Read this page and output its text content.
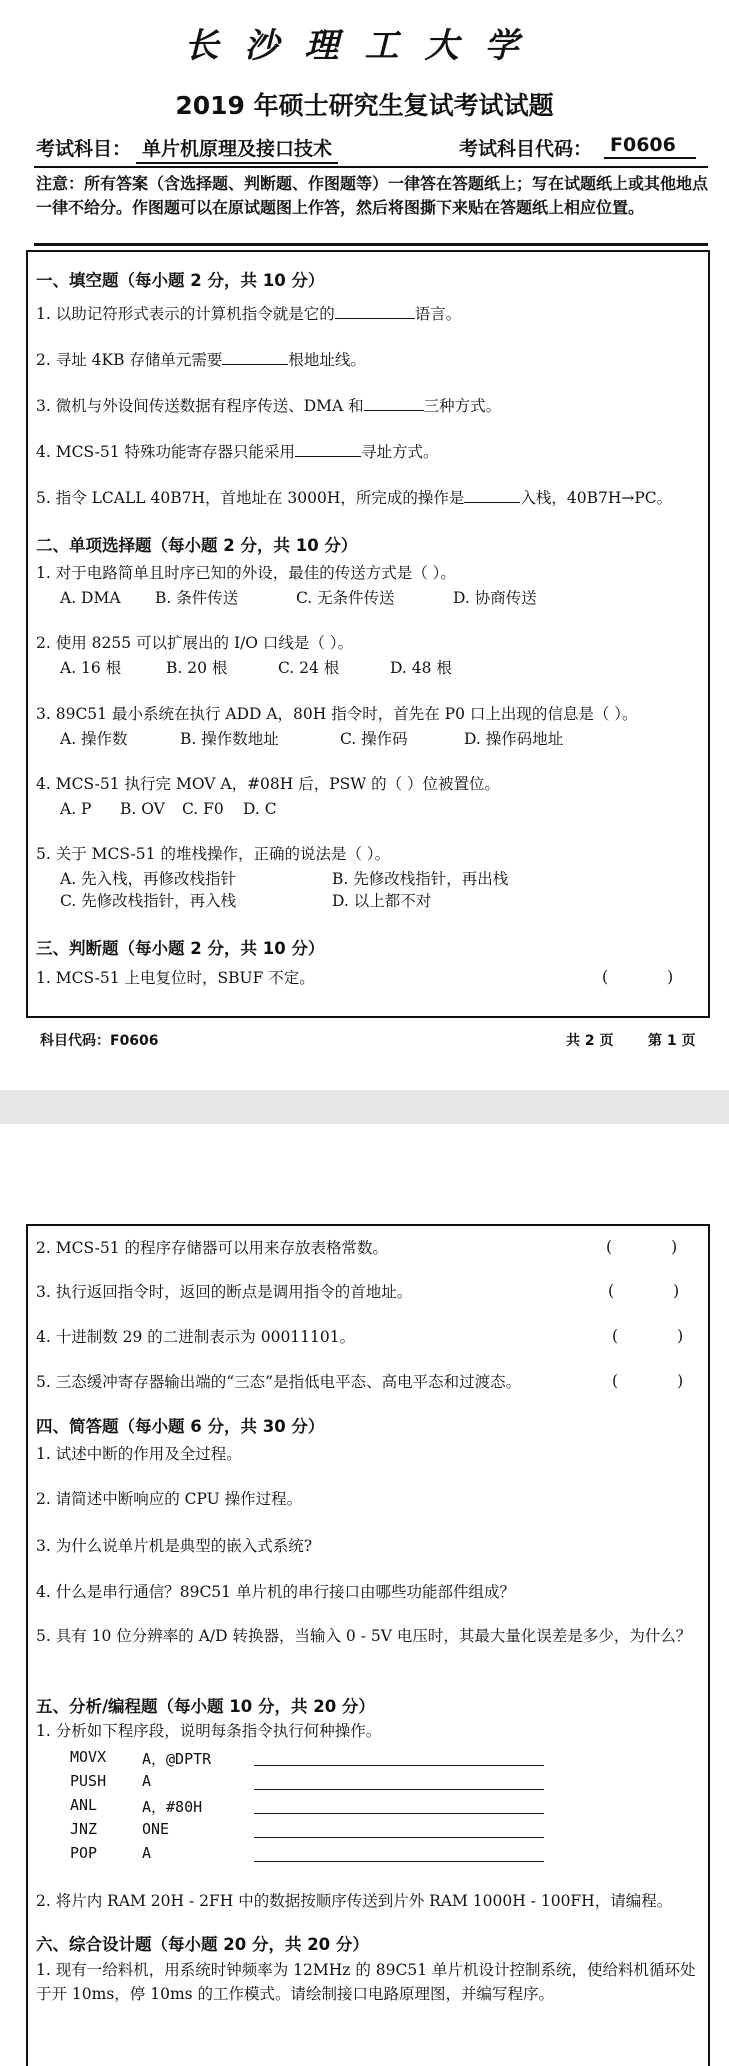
长沙理工大学
2019 年硕士研究生复试考试试题
考试科目： 单片机原理及接口技术	考试科目代码： F0606
注意：所有答案（含选择题、判断题、作图题等）一律答在答题纸上；写在试题纸上或其他地点一律不给分。作图题可以在原试题图上作答，然后将图撕下来贴在答题纸上相应位置。
一、填空题（每小题 2 分，共 10 分）
1. 以助记符形式表示的计算机指令就是它的	语言。
2. 寻址 4KB 存储单元需要	根地址线。
3. 微机与外设间传送数据有程序传送、DMA 和	三种方式。
4. MCS-51 特殊功能寄存器只能采用	寻址方式。
5. 指令 LCALL 40B7H，首地址在 3000H，所完成的操作是	入栈，40B7H→PC。
二、单项选择题（每小题 2 分，共 10 分）
1. 对于电路简单且时序已知的外设，最佳的传送方式是（ ）。
A. DMA B. 条件传送	C. 无条件传送	D. 协商传送
2. 使用 8255 可以扩展出的 I/O 口线是（ ）。
A. 16 根	B. 20 根	C. 24 根	D. 48 根
3. 89C51 最小系统在执行 ADD A，80H 指令时，首先在 P0 口上出现的信息是（ ）。
A. 操作数	B. 操作数地址	C. 操作码	D. 操作码地址
4. MCS-51 执行完 MOV A，#08H 后，PSW 的（ ）位被置位。
A. P B. OV C. F0 D. C
5. 关于 MCS-51 的堆栈操作，正确的说法是（ ）。
A. 先入栈，再修改栈指针	B. 先修改栈指针，再出栈
C. 先修改栈指针，再入栈	D. 以上都不对
三、判断题（每小题 2 分，共 10 分）
1. MCS-51 上电复位时，SBUF 不定。	(            )
科目代码：F0606	共 2 页 第 1 页
2. MCS-51 的程序存储器可以用来存放表格常数。	(            )
3. 执行返回指令时，返回的断点是调用指令的首地址。	(            )
4. 十进制数 29 的二进制表示为 00011101。	(            )
5. 三态缓冲寄存器输出端的“三态”是指低电平态、高电平态和过渡态。	(            )
四、简答题（每小题 6 分，共 30 分）
1. 试述中断的作用及全过程。
2. 请简述中断响应的 CPU 操作过程。
3. 为什么说单片机是典型的嵌入式系统?
4. 什么是串行通信？89C51 单片机的串行接口由哪些功能部件组成？
5. 具有 10 位分辨率的 A/D 转换器，当输入 0 - 5V 电压时，其最大量化误差是多少，为什么？
五、分析/编程题（每小题 10 分，共 20 分）
1. 分析如下程序段，说明每条指令执行何种操作。
MOVX A，@DPTR
PUSH A
ANL	A，#80H
JNZ	ONE
POP	A
2. 将片内 RAM 20H - 2FH 中的数据按顺序传送到片外 RAM 1000H - 100FH，请编程。
六、综合设计题（每小题 20 分，共 20 分）
1. 现有一给料机，用系统时钟频率为 12MHz 的 89C51 单片机设计控制系统，使给料机循环处于开 10ms，停 10ms 的工作模式。请绘制接口电路原理图，并编写程序。
